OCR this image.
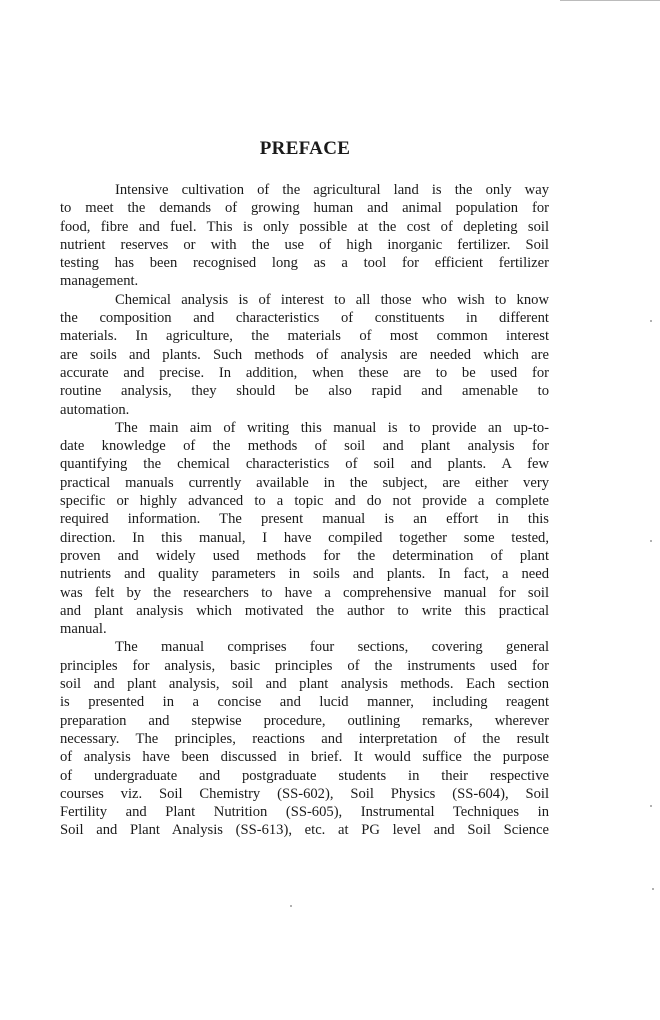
PREFACE
Intensive cultivation of the agricultural land is the only way
to meet the demands of growing human and animal population for
food, fibre and fuel. This is only possible at the cost of depleting soil
nutrient reserves or with the use of high inorganic fertilizer. Soil
testing has been recognised long as a tool for efficient fertilizer
management.
Chemical analysis is of interest to all those who wish to know
the composition and characteristics of constituents in different
materials. In agriculture, the materials of most common interest
are soils and plants. Such methods of analysis are needed which are
accurate and precise. In addition, when these are to be used for
routine analysis, they should be also rapid and amenable to
automation.
The main aim of writing this manual is to provide an up-to-
date knowledge of the methods of soil and plant analysis for
quantifying the chemical characteristics of soil and plants. A few
practical manuals currently available in the subject, are either very
specific or highly advanced to a topic and do not provide a complete
required information. The present manual is an effort in this
direction. In this manual, I have compiled together some tested,
proven and widely used methods for the determination of plant
nutrients and quality parameters in soils and plants. In fact, a need
was felt by the researchers to have a comprehensive manual for soil
and plant analysis which motivated the author to write this practical
manual.
The manual comprises four sections, covering general
principles for analysis, basic principles of the instruments used for
soil and plant analysis, soil and plant analysis methods. Each section
is presented in a concise and lucid manner, including reagent
preparation and stepwise procedure, outlining remarks, wherever
necessary. The principles, reactions and interpretation of the result
of analysis have been discussed in brief. It would suffice the purpose
of undergraduate and postgraduate students in their respective
courses viz. Soil Chemistry (SS-602), Soil Physics (SS-604), Soil
Fertility and Plant Nutrition (SS-605), Instrumental Techniques in
Soil and Plant Analysis (SS-613), etc. at PG level and Soil Science
